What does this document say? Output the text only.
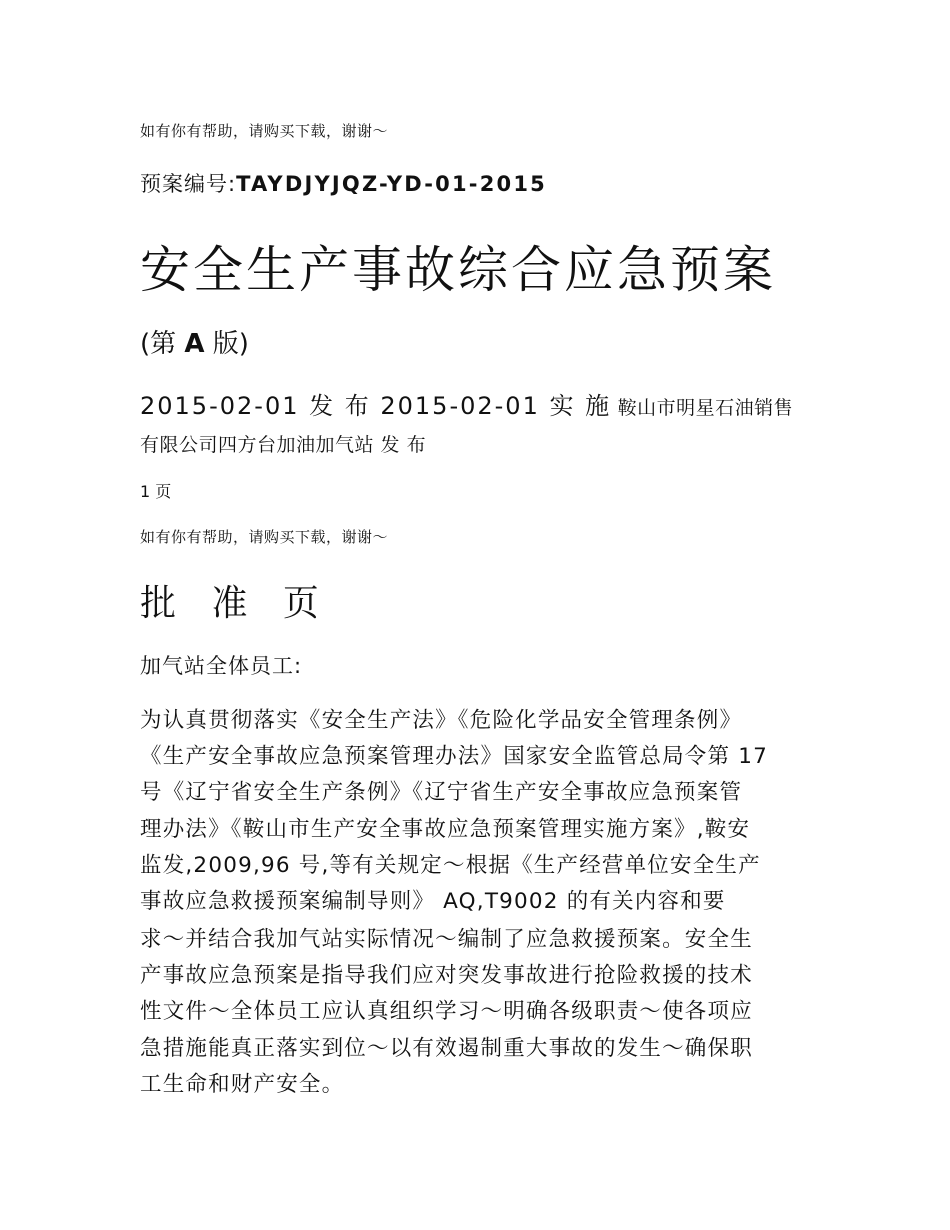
如有你有帮助，请购买下载，谢谢～
预案编号:TAYDJYJQZ-YD-01-2015
安全生产事故综合应急预案
(第 A 版)
2015-02-01 发 布 2015-02-01 实 施 鞍山市明星石油销售
有限公司四方台加油加气站 发 布
1 页
如有你有帮助，请购买下载，谢谢～
批 准 页
加气站全体员工:
为认真贯彻落实《安全生产法》《危险化学品安全管理条例》
《生产安全事故应急预案管理办法》国家安全监管总局令第 17
号《辽宁省安全生产条例》《辽宁省生产安全事故应急预案管
理办法》《鞍山市生产安全事故应急预案管理实施方案》,鞍安
监发,2009,96 号,等有关规定～根据《生产经营单位安全生产
事故应急救援预案编制导则》 AQ,T9002 的有关内容和要
求～并结合我加气站实际情况～编制了应急救援预案。安全生
产事故应急预案是指导我们应对突发事故进行抢险救援的技术
性文件～全体员工应认真组织学习～明确各级职责～使各项应
急措施能真正落实到位～以有效遏制重大事故的发生～确保职
工生命和财产安全。
